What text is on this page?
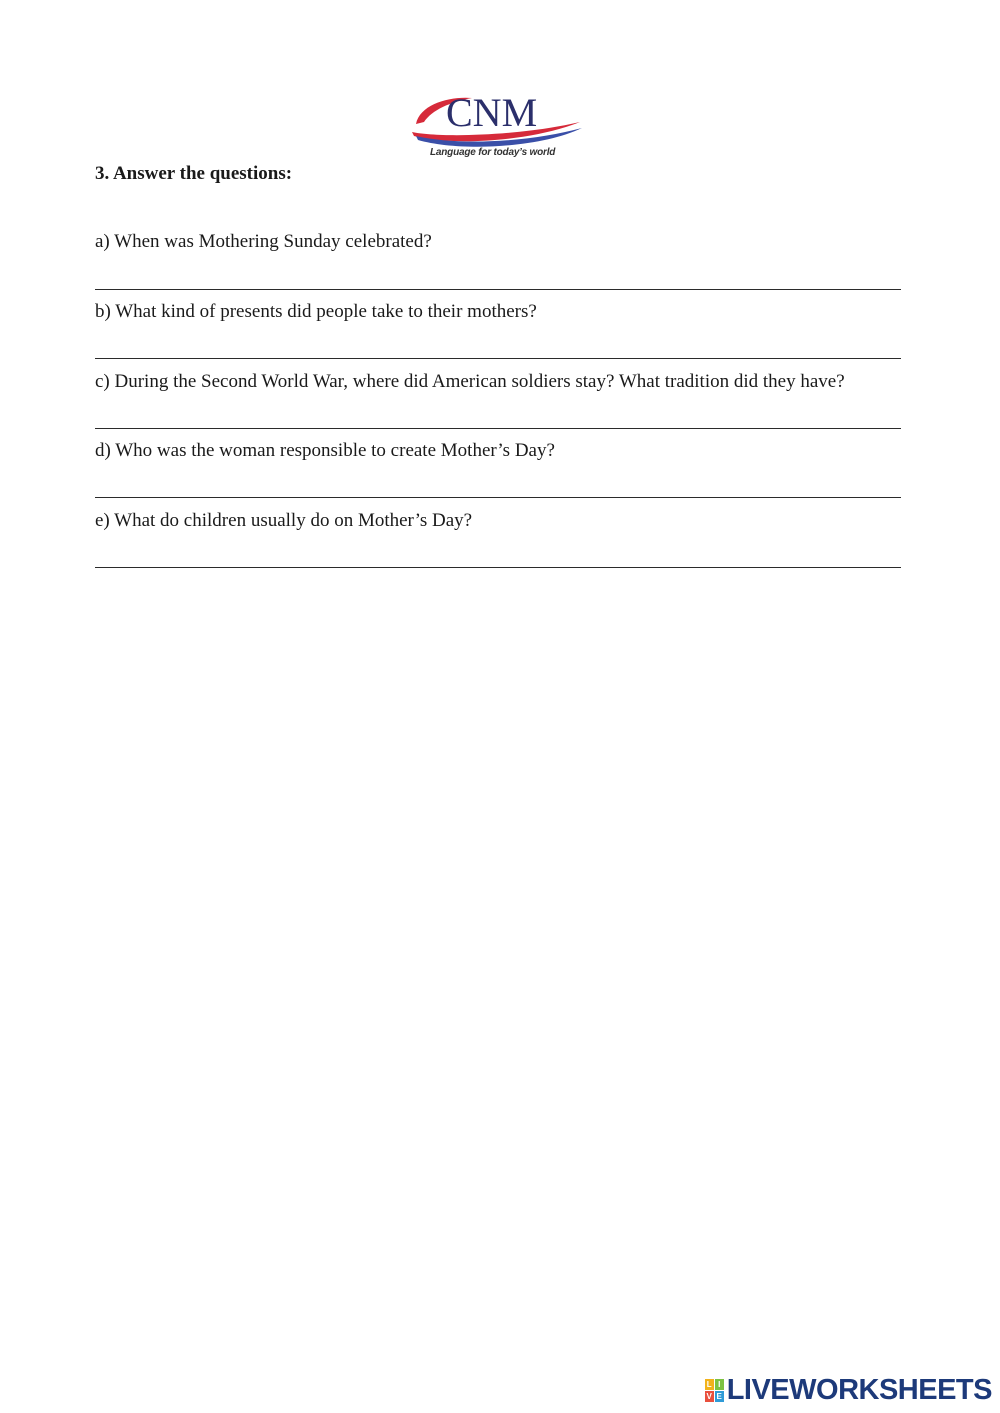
CNM
Language for today’s world
3. Answer the questions:

a) When was Mothering Sunday celebrated?

b) What kind of presents did people take to their mothers?

c) During the Second World War, where did American soldiers stay? What tradition did they have?

d) Who was the woman responsible to create Mother’s Day?

e) What do children usually do on Mother’s Day?

L I
V E LIVEWORKSHEETS
